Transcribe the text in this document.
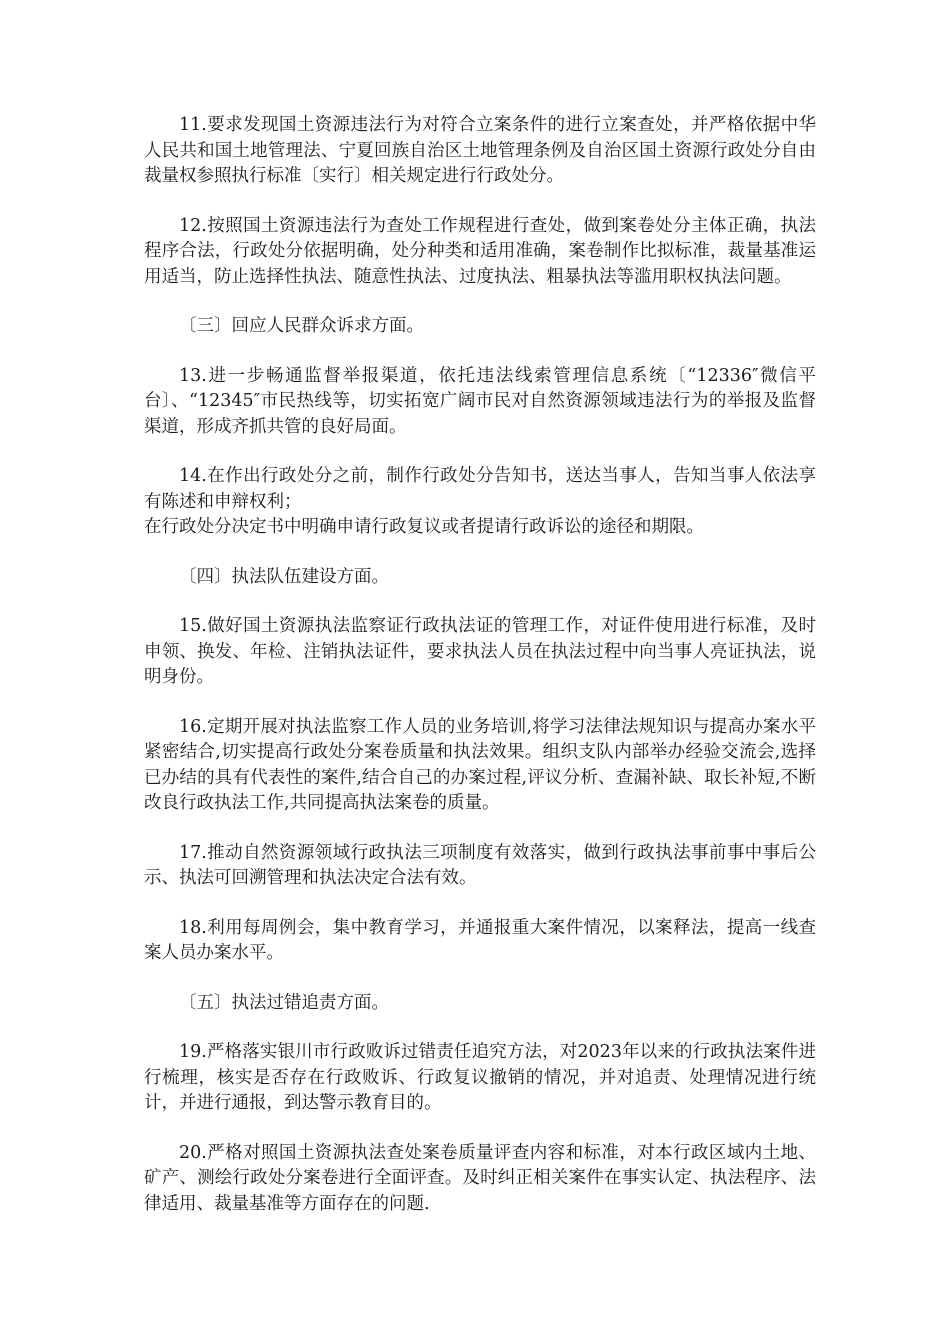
11.要求发现国土资源违法行为对符合立案条件的进行立案查处，并严格依据中华人民共和国土地管理法、宁夏回族自治区土地管理条例及自治区国土资源行政处分自由裁量权参照执行标准〔实行〕相关规定进行行政处分。

12.按照国土资源违法行为查处工作规程进行查处，做到案卷处分主体正确，执法程序合法，行政处分依据明确，处分种类和适用准确，案卷制作比拟标准，裁量基准运用适当，防止选择性执法、随意性执法、过度执法、粗暴执法等滥用职权执法问题。

〔三〕回应人民群众诉求方面。

13.进一步畅通监督举报渠道，依托违法线索管理信息系统〔“12336″微信平台〕、“12345″市民热线等，切实拓宽广阔市民对自然资源领域违法行为的举报及监督渠道，形成齐抓共管的良好局面。

14.在作出行政处分之前，制作行政处分告知书，送达当事人，告知当事人依法享有陈述和申辩权利；
在行政处分决定书中明确申请行政复议或者提请行政诉讼的途径和期限。

〔四〕执法队伍建设方面。

15.做好国土资源执法监察证行政执法证的管理工作，对证件使用进行标准，及时申领、换发、年检、注销执法证件，要求执法人员在执法过程中向当事人亮证执法，说明身份。

16.定期开展对执法监察工作人员的业务培训,将学习法律法规知识与提高办案水平紧密结合,切实提高行政处分案卷质量和执法效果。组织支队内部举办经验交流会,选择已办结的具有代表性的案件,结合自己的办案过程,评议分析、查漏补缺、取长补短,不断改良行政执法工作,共同提高执法案卷的质量。

17.推动自然资源领域行政执法三项制度有效落实，做到行政执法事前事中事后公示、执法可回溯管理和执法决定合法有效。

18.利用每周例会，集中教育学习，并通报重大案件情况，以案释法，提高一线查案人员办案水平。

〔五〕执法过错追责方面。

19.严格落实银川市行政败诉过错责任追究方法，对2023年以来的行政执法案件进行梳理，核实是否存在行政败诉、行政复议撤销的情况，并对追责、处理情况进行统计，并进行通报，到达警示教育目的。

20.严格对照国土资源执法查处案卷质量评查内容和标准，对本行政区域内土地、矿产、测绘行政处分案卷进行全面评查。及时纠正相关案件在事实认定、执法程序、法律适用、裁量基准等方面存在的问题.
